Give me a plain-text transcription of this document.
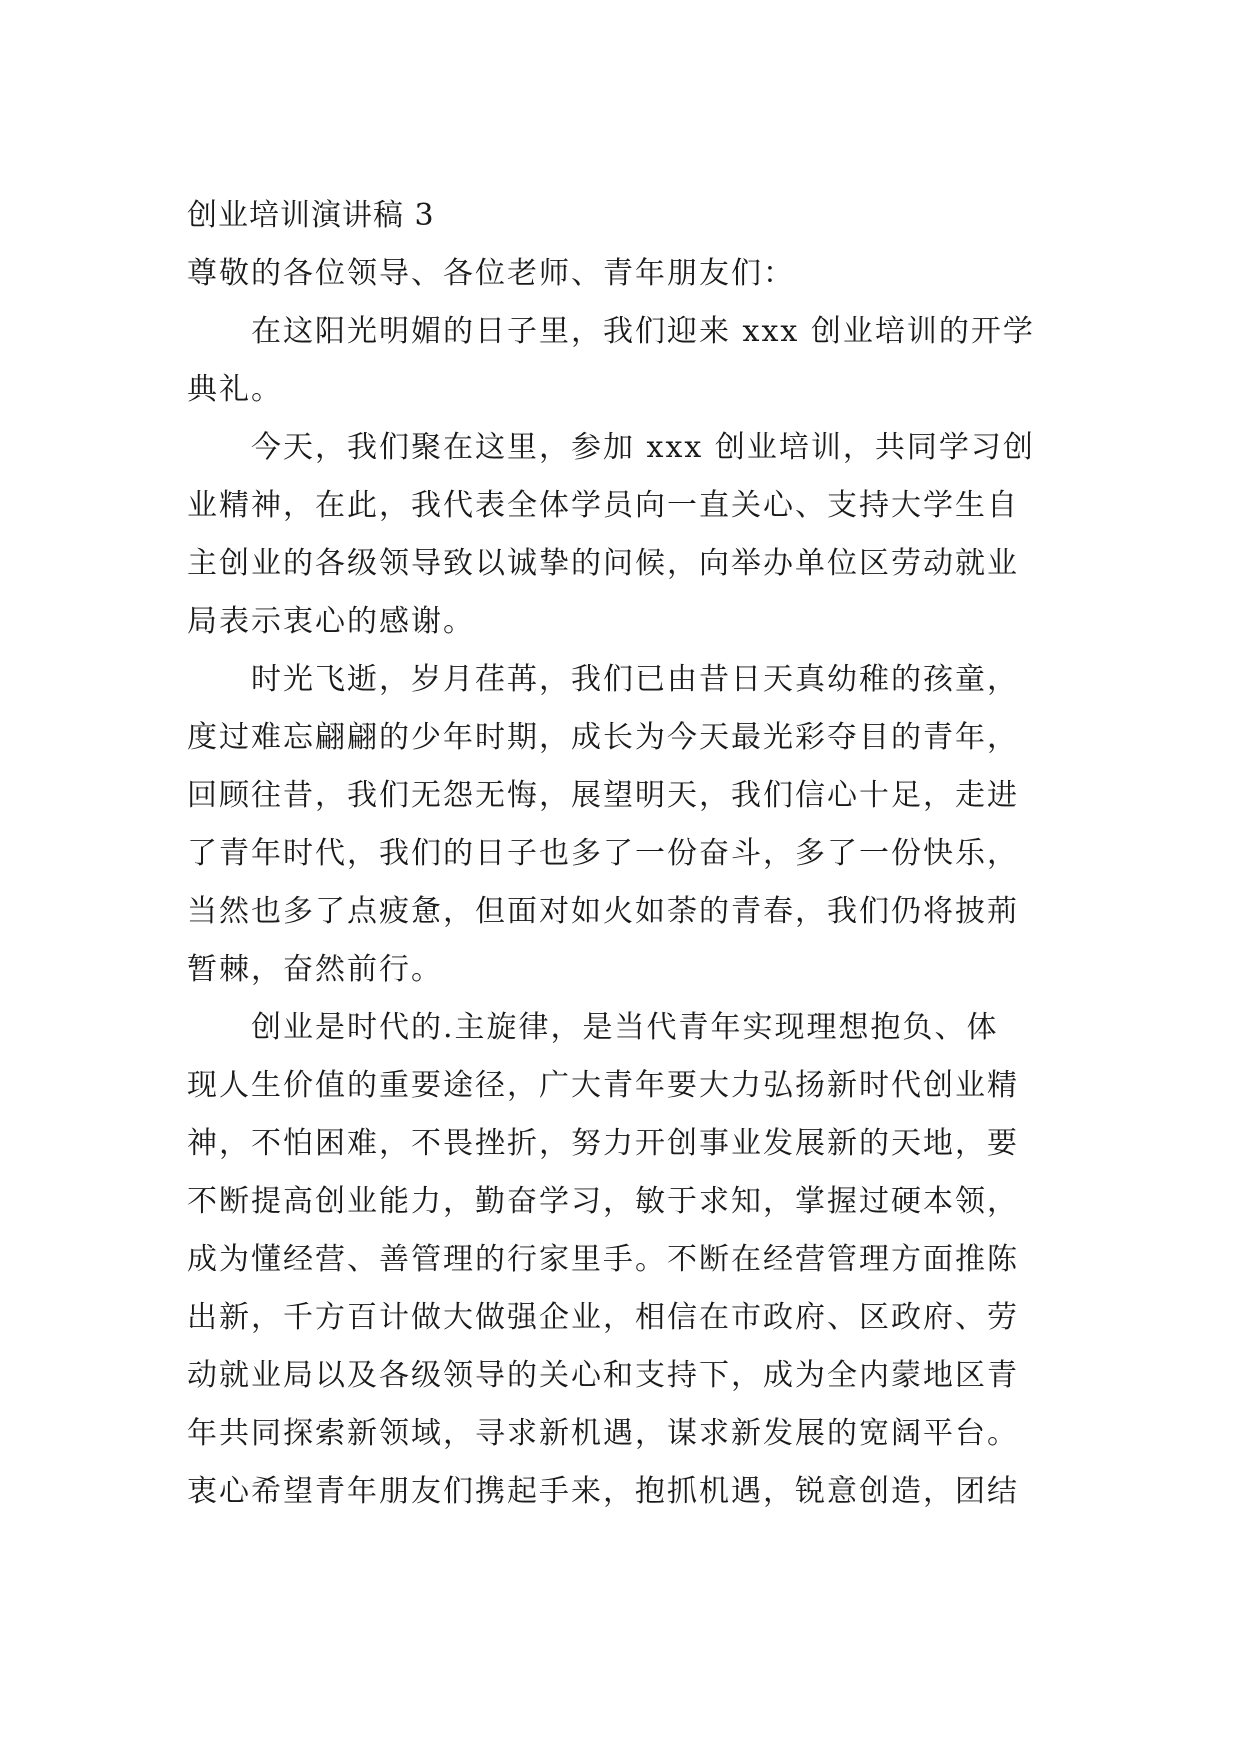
创业培训演讲稿 3
尊敬的各位领导、各位老师、青年朋友们：
在这阳光明媚的日子里，我们迎来 xxx 创业培训的开学
典礼。
今天，我们聚在这里，参加 xxx 创业培训，共同学习创
业精神，在此，我代表全体学员向一直关心、支持大学生自
主创业的各级领导致以诚挚的问候，向举办单位区劳动就业
局表示衷心的感谢。
时光飞逝，岁月荏苒，我们已由昔日天真幼稚的孩童，
度过难忘翩翩的少年时期，成长为今天最光彩夺目的青年，
回顾往昔，我们无怨无悔，展望明天，我们信心十足，走进
了青年时代，我们的日子也多了一份奋斗，多了一份快乐，
当然也多了点疲惫，但面对如火如荼的青春，我们仍将披荊
暂棘，奋然前行。
创业是时代的.主旋律，是当代青年实现理想抱负、体
现人生价值的重要途径，广大青年要大力弘扬新时代创业精
神，不怕困难，不畏挫折，努力开创事业发展新的天地，要
不断提高创业能力，勤奋学习，敏于求知，掌握过硬本领，
成为懂经营、善管理的行家里手。不断在经营管理方面推陈
出新，千方百计做大做强企业，相信在市政府、区政府、劳
动就业局以及各级领导的关心和支持下，成为全内蒙地区青
年共同探索新领域，寻求新机遇，谋求新发展的宽阔平台。
衷心希望青年朋友们携起手来，抱抓机遇，锐意创造，团结
